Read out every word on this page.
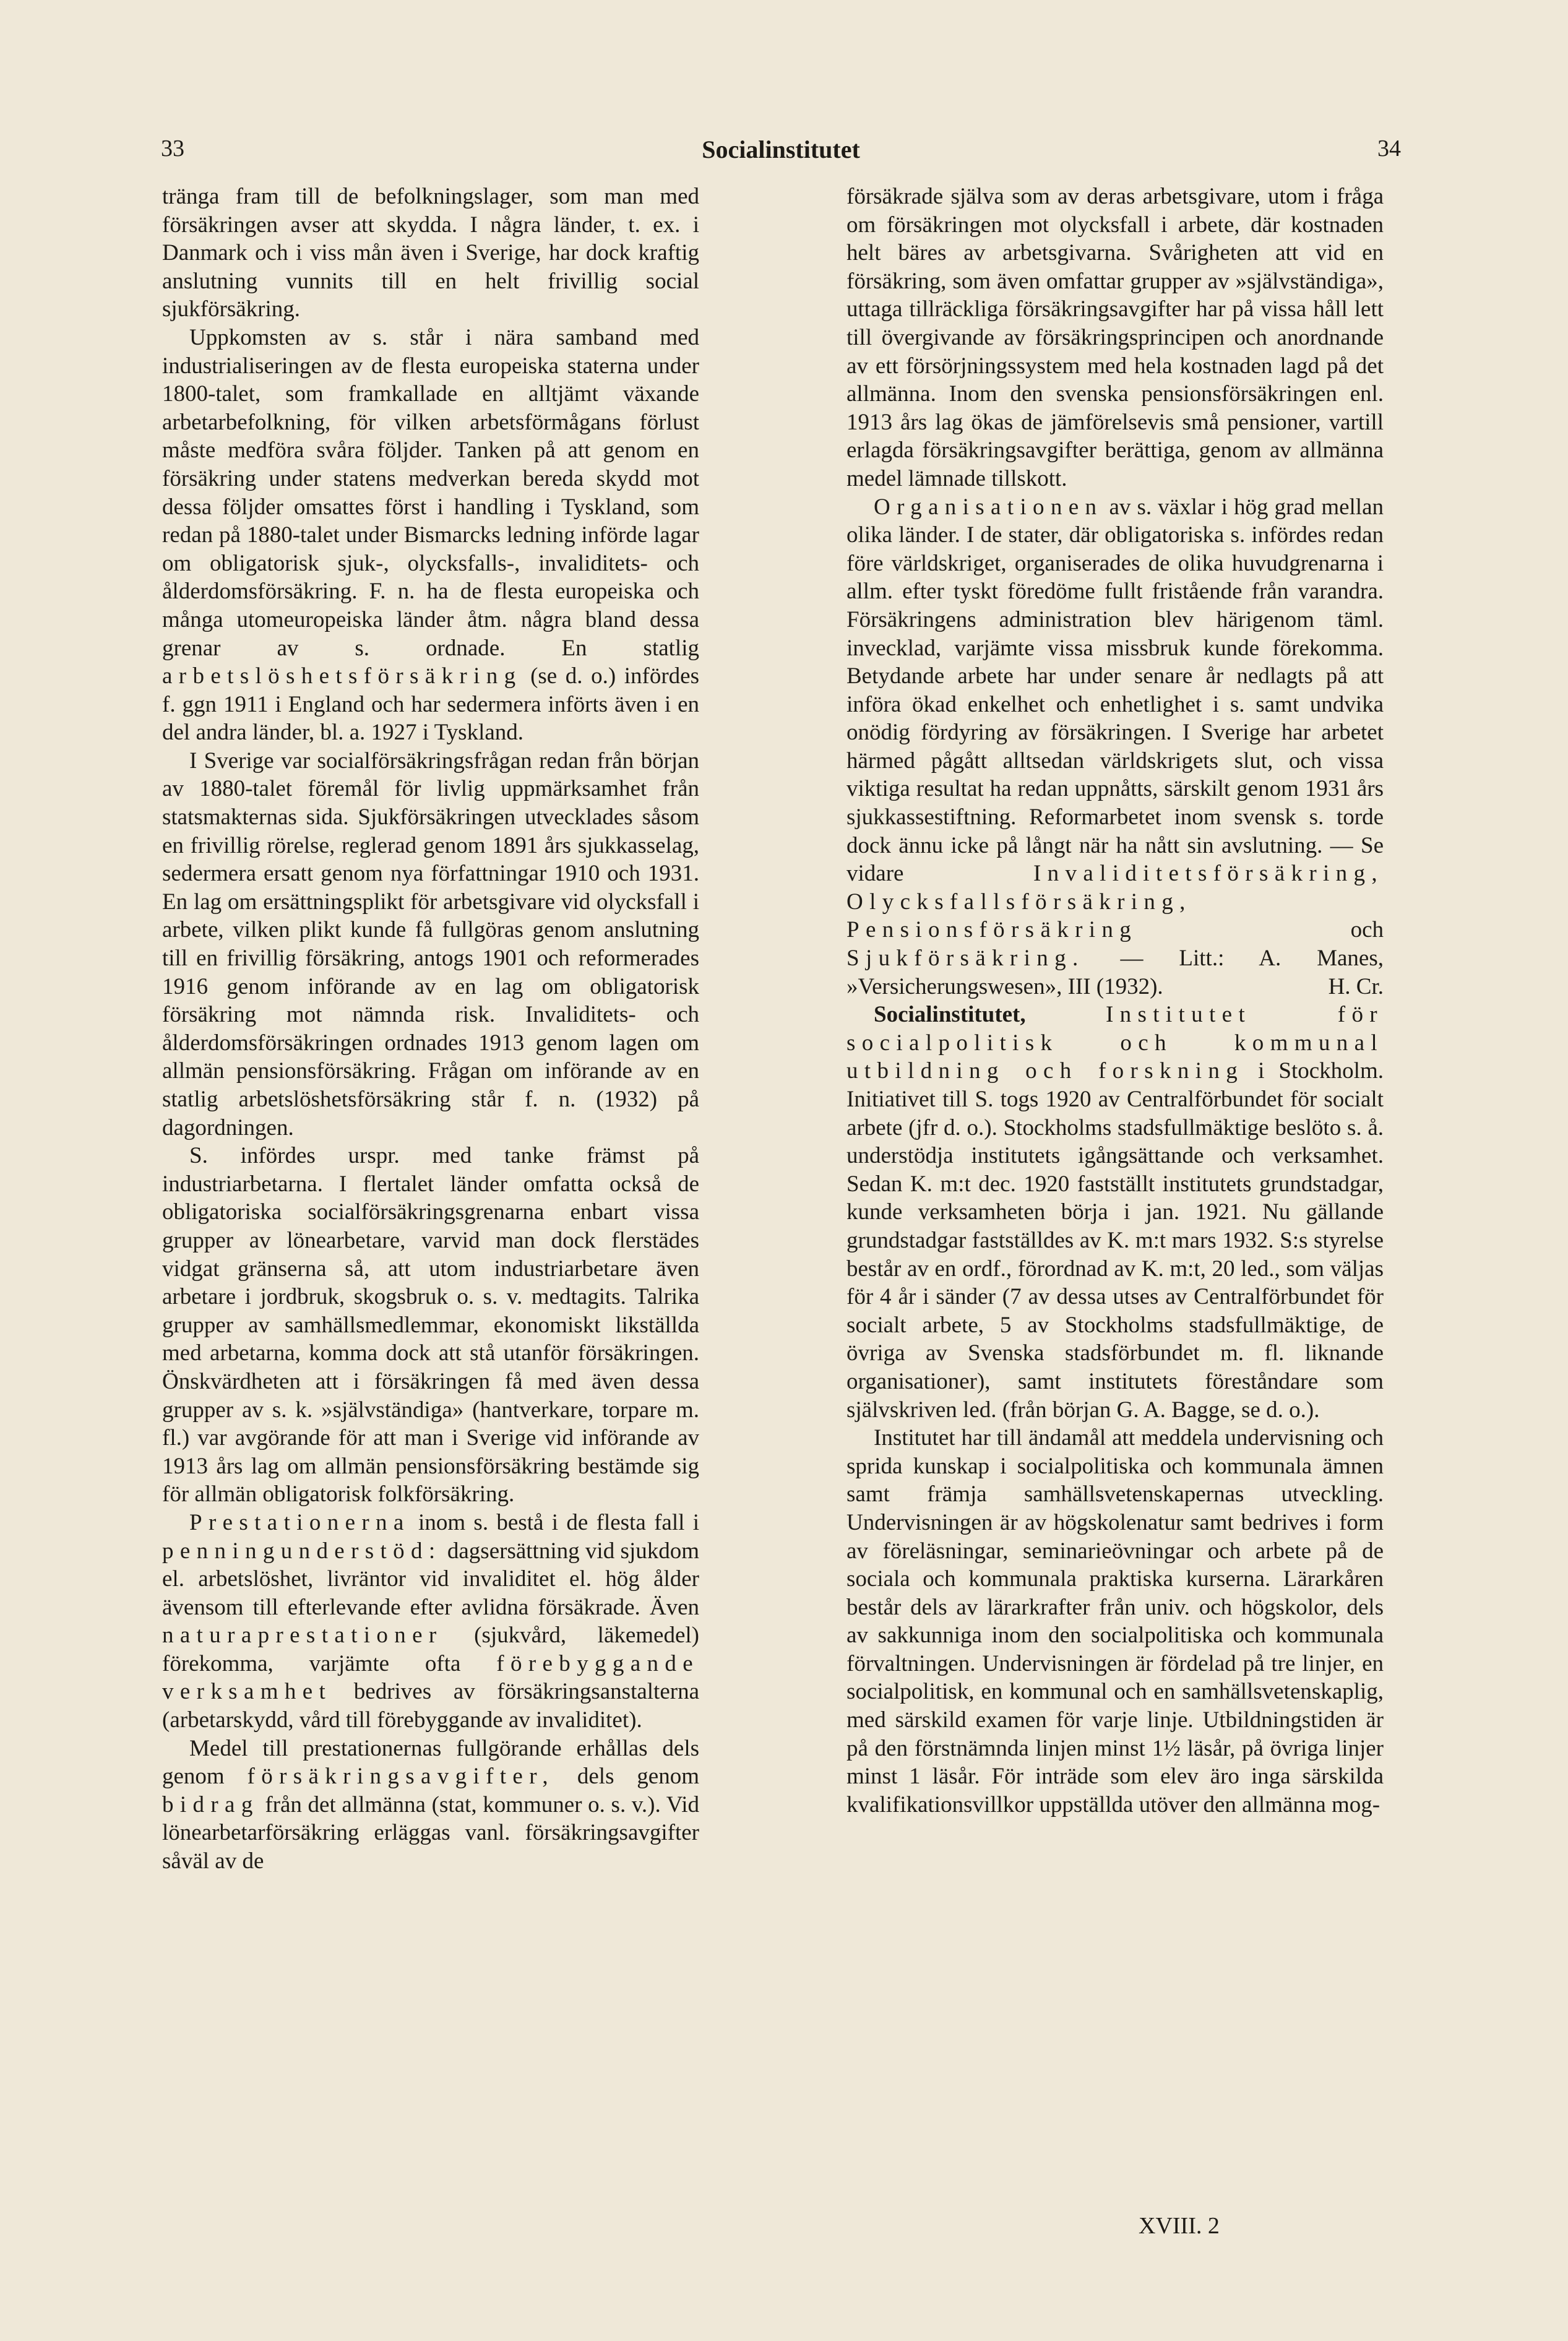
33	Socialinstitutet	34

tränga fram till de befolkningslager, som man med försäkringen avser att skydda. I några länder, t. ex. i Danmark och i viss mån även i Sverige, har dock kraftig anslutning vunnits till en helt frivillig social sjukförsäkring.

Uppkomsten av s. står i nära samband med industrialiseringen av de flesta europeiska staterna under 1800-talet, som framkallade en alltjämt växande arbetarbefolkning, för vilken arbetsförmågans förlust måste medföra svåra följder. Tanken på att genom en försäkring under statens medverkan bereda skydd mot dessa följder omsattes först i handling i Tyskland, som redan på 1880-talet under Bismarcks ledning införde lagar om obligatorisk sjuk-, olycksfalls-, invaliditets- och ålderdomsförsäkring. F. n. ha de flesta europeiska och många utomeuropeiska länder åtm. några bland dessa grenar av s. ordnade. En statlig arbetslöshetsförsäkring (se d. o.) infördes f. ggn 1911 i England och har sedermera införts även i en del andra länder, bl. a. 1927 i Tyskland.

I Sverige var socialförsäkringsfrågan redan från början av 1880-talet föremål för livlig uppmärksamhet från statsmakternas sida. Sjukförsäkringen utvecklades såsom en frivillig rörelse, reglerad genom 1891 års sjukkasselag, sedermera ersatt genom nya författningar 1910 och 1931. En lag om ersättningsplikt för arbetsgivare vid olycksfall i arbete, vilken plikt kunde få fullgöras genom anslutning till en frivillig försäkring, antogs 1901 och reformerades 1916 genom införande av en lag om obligatorisk försäkring mot nämnda risk. Invaliditets- och ålderdomsförsäkringen ordnades 1913 genom lagen om allmän pensionsförsäkring. Frågan om införande av en statlig arbetslöshetsförsäkring står f. n. (1932) på dagordningen.

S. infördes urspr. med tanke främst på industriarbetarna. I flertalet länder omfatta också de obligatoriska socialförsäkringsgrenarna enbart vissa grupper av lönearbetare, varvid man dock flerstädes vidgat gränserna så, att utom industriarbetare även arbetare i jordbruk, skogsbruk o. s. v. medtagits. Talrika grupper av samhällsmedlemmar, ekonomiskt likställda med arbetarna, komma dock att stå utanför försäkringen. Önskvärdheten att i försäkringen få med även dessa grupper av s. k. »självständiga» (hantverkare, torpare m. fl.) var avgörande för att man i Sverige vid införande av 1913 års lag om allmän pensionsförsäkring bestämde sig för allmän obligatorisk folkförsäkring.

Prestationerna inom s. bestå i de flesta fall i penningunderstöd: dagsersättning vid sjukdom el. arbetslöshet, livräntor vid invaliditet el. hög ålder ävensom till efterlevande efter avlidna försäkrade. Även naturaprestationer (sjukvård, läkemedel) förekomma, varjämte ofta förebyggande verksamhet bedrives av försäkringsanstalterna (arbetarskydd, vård till förebyggande av invaliditet).

Medel till prestationernas fullgörande erhållas dels genom försäkringsavgifter, dels genom bidrag från det allmänna (stat, kommuner o. s. v.). Vid lönearbetarförsäkring erläggas vanl. försäkringsavgifter såväl av de

försäkrade själva som av deras arbetsgivare, utom i fråga om försäkringen mot olycksfall i arbete, där kostnaden helt bäres av arbetsgivarna. Svårigheten att vid en försäkring, som även omfattar grupper av »självständiga», uttaga tillräckliga försäkringsavgifter har på vissa håll lett till övergivande av försäkringsprincipen och anordnande av ett försörjningssystem med hela kostnaden lagd på det allmänna. Inom den svenska pensionsförsäkringen enl. 1913 års lag ökas de jämförelsevis små pensioner, vartill erlagda försäkringsavgifter berättiga, genom av allmänna medel lämnade tillskott.

Organisationen av s. växlar i hög grad mellan olika länder. I de stater, där obligatoriska s. infördes redan före världskriget, organiserades de olika huvudgrenarna i allm. efter tyskt föredöme fullt fristående från varandra. Försäkringens administration blev härigenom täml. invecklad, varjämte vissa missbruk kunde förekomma. Betydande arbete har under senare år nedlagts på att införa ökad enkelhet och enhetlighet i s. samt undvika onödig fördyring av försäkringen. I Sverige har arbetet härmed pågått alltsedan världskrigets slut, och vissa viktiga resultat ha redan uppnåtts, särskilt genom 1931 års sjukkassestiftning. Reformarbetet inom svensk s. torde dock ännu icke på långt när ha nått sin avslutning. — Se vidare	Invaliditetsförsäkring, Olycksfallsförsäkring, Pensionsförsäkring	och Sjukförsäkring. — Litt.: A. Manes, »Versicherungswesen», III (1932).	H. Cr.

Socialinstitutet,	Institutet för socialpolitisk och kommunal utbildning och forskning i Stockholm. Initiativet till S. togs 1920 av Centralförbundet för socialt arbete (jfr d. o.). Stockholms stadsfullmäktige beslöto s. å. understödja institutets igångsättande och verksamhet. Sedan K. m:t dec. 1920 fastställt institutets grundstadgar, kunde verksamheten börja i jan. 1921. Nu gällande grundstadgar fastställdes av K. m:t mars 1932. S:s styrelse består av en ordf., förordnad av K. m:t, 20 led., som väljas för 4 år i sänder (7 av dessa utses av Centralförbundet för socialt arbete, 5 av Stockholms stadsfullmäktige, de övriga av Svenska stadsförbundet m. fl. liknande organisationer), samt institutets föreståndare som självskriven led. (från början G. A. Bagge, se d. o.).

Institutet har till ändamål att meddela undervisning och sprida kunskap i socialpolitiska och kommunala ämnen samt främja samhällsvetenskapernas utveckling. Undervisningen är av högskolenatur samt bedrives i form av föreläsningar, seminarieövningar och arbete på de sociala och kommunala praktiska kurserna. Lärarkåren består dels av lärarkrafter från univ. och högskolor, dels av sakkunniga inom den socialpolitiska och kommunala förvaltningen. Undervisningen är fördelad på tre linjer, en socialpolitisk, en kommunal och en samhällsvetenskaplig, med särskild examen för varje linje. Utbildningstiden är på den förstnämnda linjen minst 1½ läsår, på övriga linjer minst 1 läsår. För inträde som elev äro inga särskilda kvalifikationsvillkor uppställda utöver den allmänna mog-

XVIII. 2
